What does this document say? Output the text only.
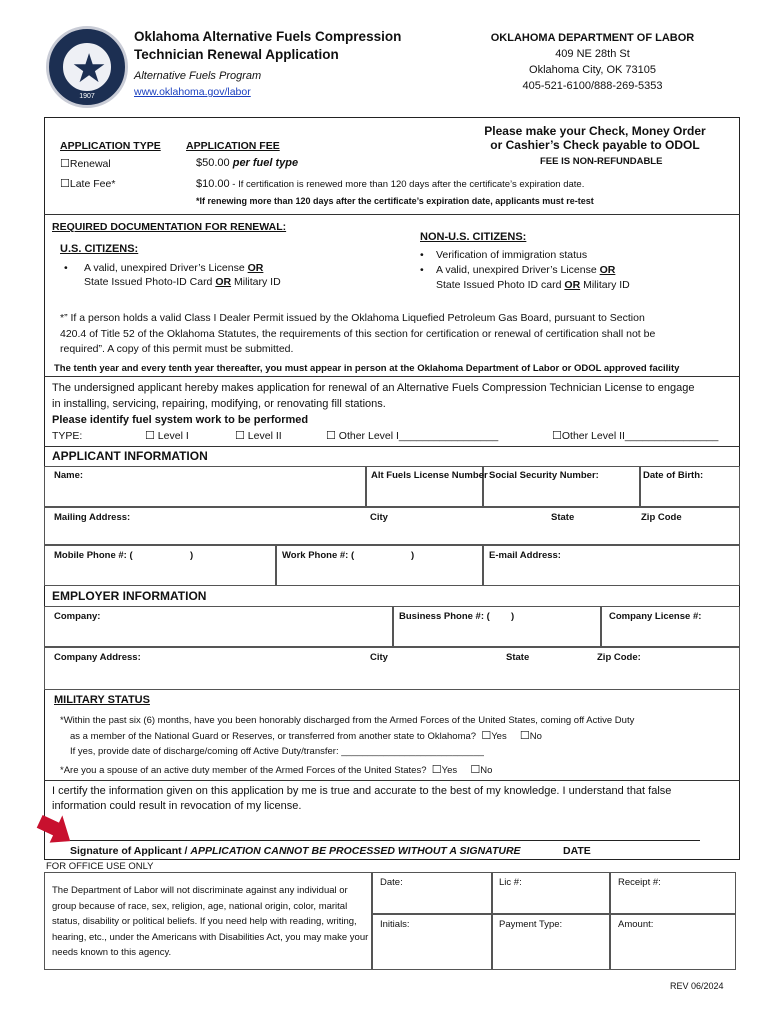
★
1907
Oklahoma Alternative Fuels Compression
Technician Renewal Application
Alternative Fuels Program
www.oklahoma.gov/labor
OKLAHOMA DEPARTMENT OF LABOR
409 NE 28th St
Oklahoma City, OK 73105
405-521-6100/888-269-5353
APPLICATION TYPE APPLICATION FEE
☐Renewal	$50.00 per fuel type
☐Late Fee*	$10.00 - If certification is renewed more than 120 days after the certificate’s expiration date.
*If renewing more than 120 days after the certificate’s expiration date, applicants must re-test
Please make your Check, Money Order
or Cashier’s Check payable to ODOL
FEE IS NON-REFUNDABLE
REQUIRED DOCUMENTATION FOR RENEWAL:
U.S. CITIZENS:
•	A valid, unexpired Driver’s License OR
State Issued Photo-ID Card OR Military ID
NON-U.S. CITIZENS:
• Verification of immigration status
• A valid, unexpired Driver’s License OR
State Issued Photo ID card OR Military ID
*” If a person holds a valid Class I Dealer Permit issued by the Oklahoma Liquefied Petroleum Gas Board, pursuant to Section
420.4 of Title 52 of the Oklahoma Statutes, the requirements of this section for certification or renewal of certification shall not be
required”. A copy of this permit must be submitted.
The tenth year and every tenth year thereafter, you must appear in person at the Oklahoma Department of Labor or ODOL approved facility
The undersigned applicant hereby makes application for renewal of an Alternative Fuels Compression Technician License to engage
in installing, servicing, repairing, modifying, or renovating fill stations.
Please identify fuel system work to be performed
TYPE:	☐ Level I	☐ Level II	☐ Other Level I_________________	☐Other Level II________________
APPLICANT INFORMATION
Name:	Alt Fuels License Number Social Security Number:	Date of Birth:
Mailing Address:	City	State	Zip Code
Mobile Phone #: (	)	Work Phone #: (	)	E-mail Address:
EMPLOYER INFORMATION
Company:	Business Phone #: ( )	Company License #:
Company Address:	City	State	Zip Code:
MILITARY STATUS
*Within the past six (6) months, have you been honorably discharged from the Armed Forces of the United States, coming off Active Duty
as a member of the National Guard or Reserves, or transferred from another state to Oklahoma? ☐Yes ☐No
If yes, provide date of discharge/coming off Active Duty/transfer: ___________________________
*Are you a spouse of an active duty member of the Armed Forces of the United States? ☐Yes ☐No
I certify the information given on this application by me is true and accurate to the best of my knowledge. I understand that false
information could result in revocation of my license.
Signature of Applicant / APPLICATION CANNOT BE PROCESSED WITHOUT A SIGNATURE	DATE
FOR OFFICE USE ONLY
The Department of Labor will not discriminate against any individual or group because of race, sex, religion, age, national origin, color, marital status, disability or political beliefs. If you need help with reading, writing, hearing, etc., under the Americans with Disabilities Act, you may make your needs known to this agency.
Date:	Lic #:	Receipt #:
Initials:	Payment Type:	Amount:
REV 06/2024
